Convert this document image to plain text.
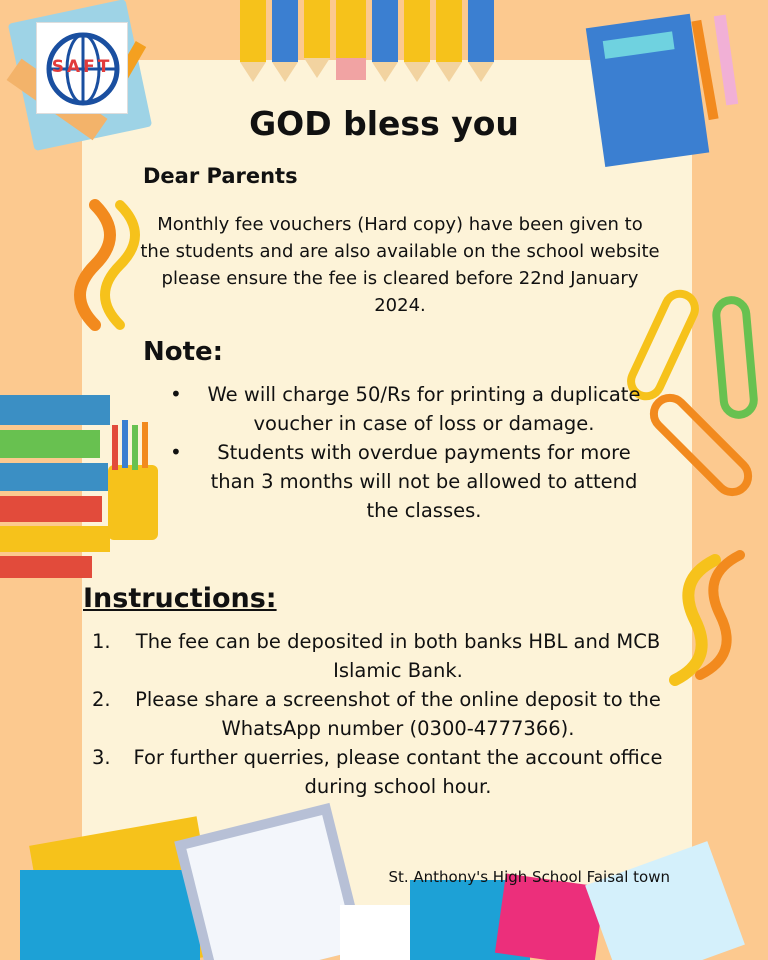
SAFT
GOD bless you
Dear Parents
Monthly fee vouchers (Hard copy) have been given to the students and are also available on the school website please ensure the fee is cleared before 22nd January 2024.
Note:
• We will charge 50/Rs for printing a duplicate voucher in case of loss or damage.
• Students with overdue payments for more than 3 months will not be allowed to attend the classes.
Instructions:
1. The fee can be deposited in both banks HBL and MCB Islamic Bank.
2. Please share a screenshot of the online deposit to the WhatsApp number (0300-4777366).
3. For further querries, please contant the account office during school hour.
St. Anthony's High School Faisal town
